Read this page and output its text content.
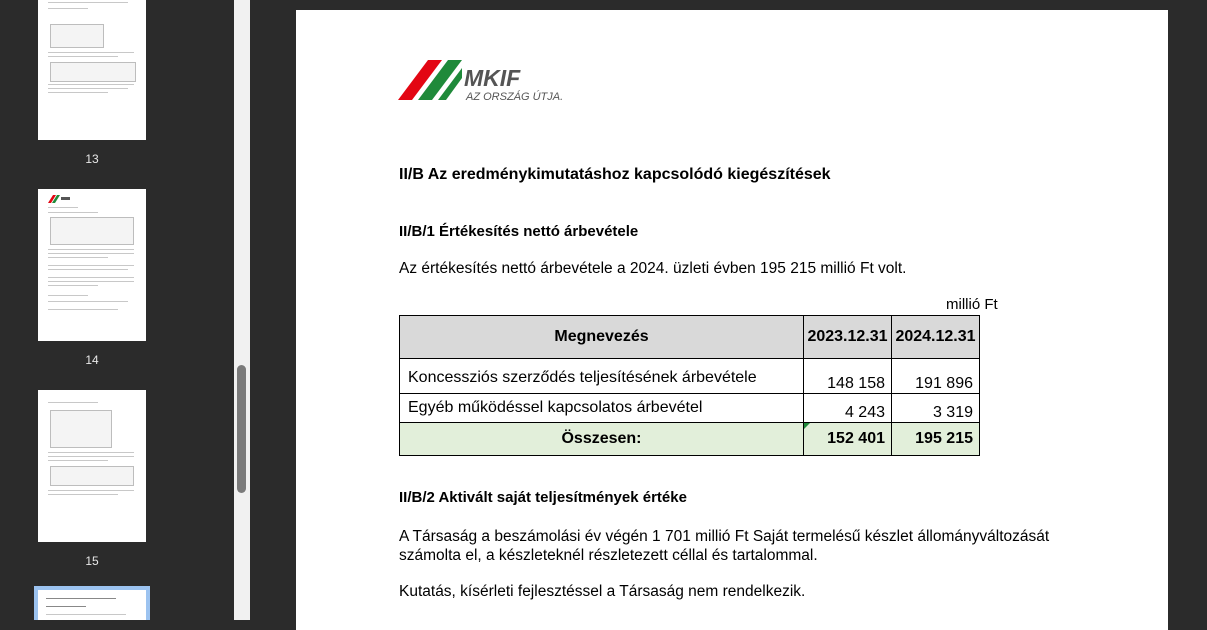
13
14
15
MKIF
AZ ORSZÁG ÚTJA.
II/B Az eredménykimutatáshoz kapcsolódó kiegészítések
II/B/1 Értékesítés nettó árbevétele
Az értékesítés nettó árbevétele a 2024. üzleti évben 195 215 millió Ft volt.
millió Ft
Megnevezés	2023.12.31	2024.12.31
Koncessziós szerződés teljesítésének árbevétele	148 158	191 896
Egyéb működéssel kapcsolatos árbevétel	4 243	3 319
Összesen:	152 401	195 215
II/B/2 Aktivált saját teljesítmények értéke
A Társaság a beszámolási év végén 1 701 millió Ft Saját termelésű készlet állományváltozását
számolta el, a készleteknél részletezett céllal és tartalommal.
Kutatás, kísérleti fejlesztéssel a Társaság nem rendelkezik.
